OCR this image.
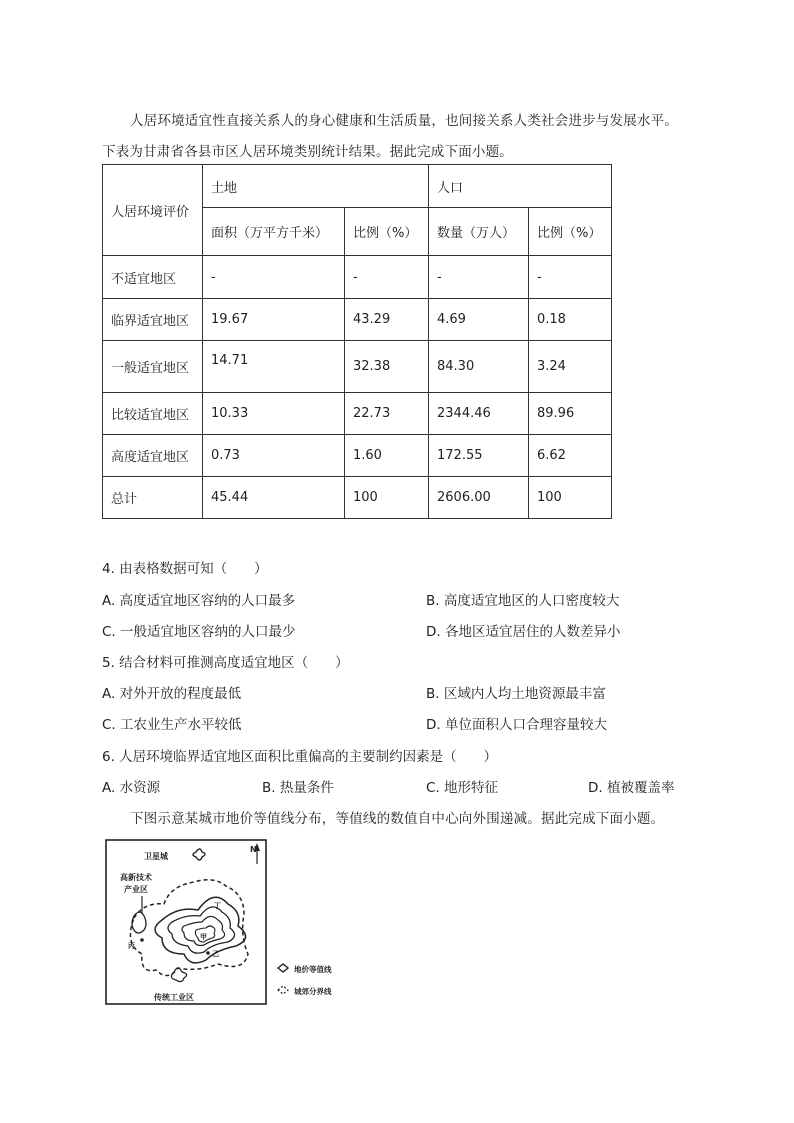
人居环境适宜性直接关系人的身心健康和生活质量，也间接关系人类社会进步与发展水平。
下表为甘肃省各县市区人居环境类别统计结果。据此完成下面小题。
人居环境评价	土地		人口	
	面积（万平方千米）	比例（%）	数量（万人）	比例（%）
不适宜地区	-	-	-	-
临界适宜地区	19.67	43.29	4.69	0.18
一般适宜地区	14.71	32.38	84.30	3.24
比较适宜地区	10.33	22.73	2344.46	89.96
高度适宜地区	0.73	1.60	172.55	6.62
总计	45.44	100	2606.00	100
4. 由表格数据可知（　　）
A. 高度适宜地区容纳的人口最多	B. 高度适宜地区的人口密度较大
C. 一般适宜地区容纳的人口最少	D. 各地区适宜居住的人数差异小
5. 结合材料可推测高度适宜地区（　　）
A. 对外开放的程度最低	B. 区域内人均土地资源最丰富
C. 工农业生产水平较低	D. 单位面积人口合理容量较大
6. 人居环境临界适宜地区面积比重偏高的主要制约因素是（　　）
A. 水资源	B. 热量条件	C. 地形特征	D. 植被覆盖率
下图示意某城市地价等值线分布，等值线的数值自中心向外围递减。据此完成下面小题。
N
卫星城
高新技术
产业区
甲
丁
乙
丙
传统工业区
地价等值线
城郊分界线
